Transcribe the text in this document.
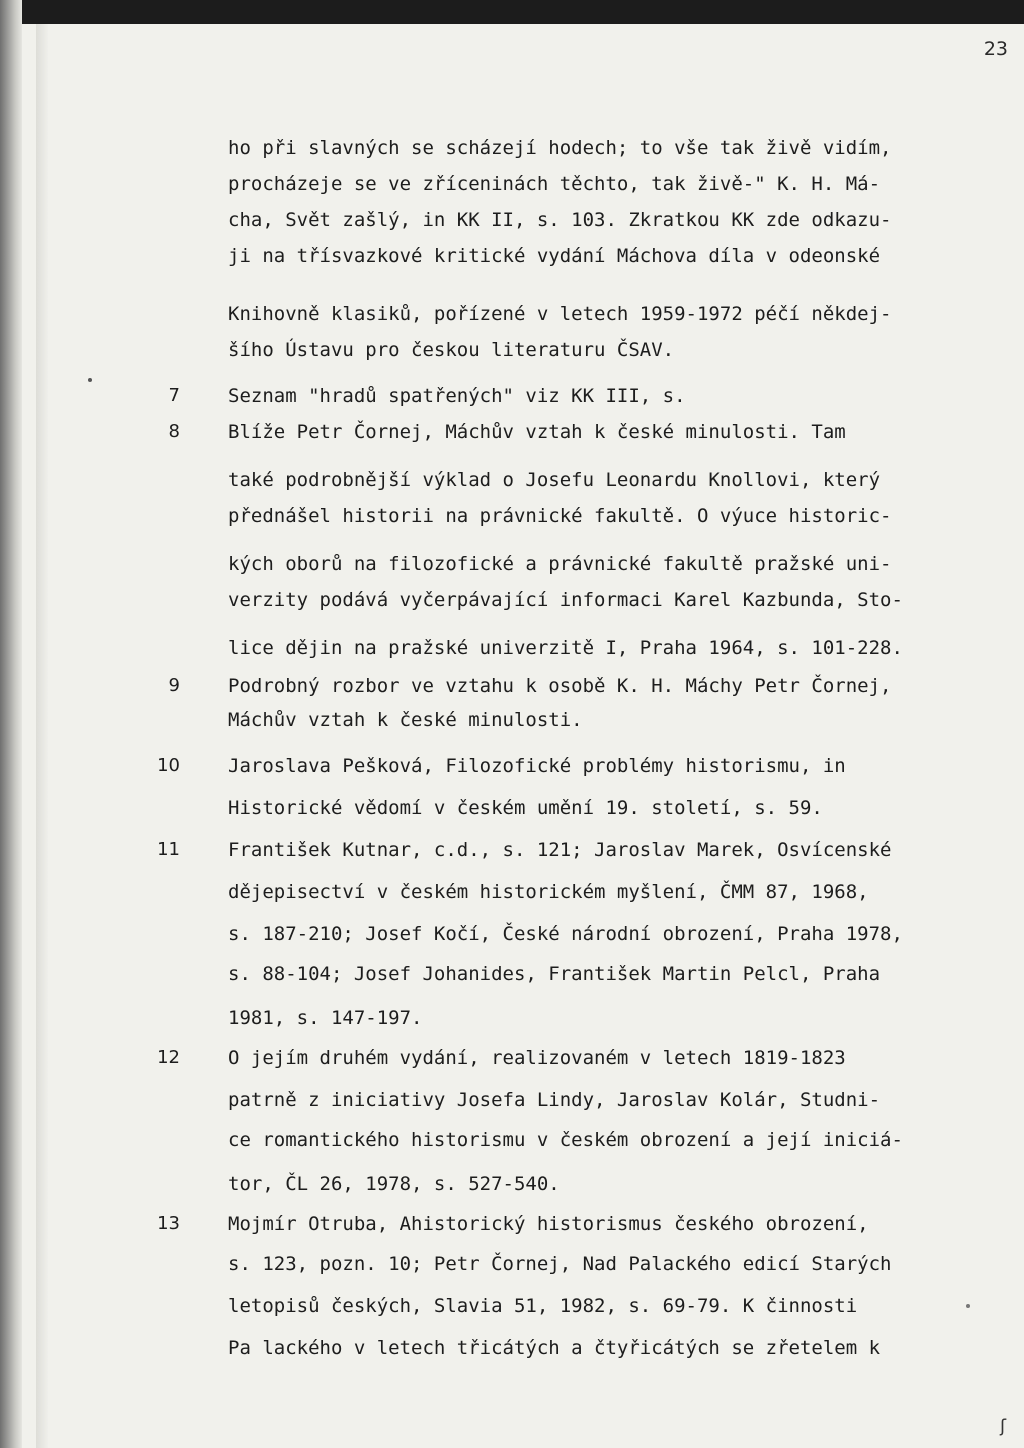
23
ho při slavných se scházejí hodech; to vše tak živě vidím,
procházeje se ve zříceninách těchto, tak živě-" K. H. Má-
cha, Svět zašlý, in KK II, s. 103. Zkratkou KK zde odkazu-
ji na třísvazkové kritické vydání Máchova díla v odeonské
Knihovně klasiků, pořízené v letech 1959-1972 péčí někdej-
šího Ústavu pro českou literaturu ČSAV.
7	Seznam "hradů spatřených" viz KK III, s.
8	Blíže Petr Čornej, Máchův vztah k české minulosti. Tam
také podrobnější výklad o Josefu Leonardu Knollovi, který
přednášel historii na právnické fakultě. O výuce historic-
kých oborů na filozofické a právnické fakultě pražské uni-
verzity podává vyčerpávající informaci Karel Kazbunda, Sto-
lice dějin na pražské univerzitě I, Praha 1964, s. 101-228.
9	Podrobný rozbor ve vztahu k osobě K. H. Máchy Petr Čornej,
Máchův vztah k české minulosti.
10	Jaroslava Pešková, Filozofické problémy historismu, in
Historické vědomí v českém umění 19. století, s. 59.
11	František Kutnar, c.d., s. 121; Jaroslav Marek, Osvícenské
dějepisectví v českém historickém myšlení, ČMM 87, 1968,
s. 187-210; Josef Kočí, České národní obrození, Praha 1978,
s. 88-104; Josef Johanides, František Martin Pelcl, Praha
1981, s. 147-197.
12	O jejím druhém vydání, realizovaném v letech 1819-1823
patrně z iniciativy Josefa Lindy, Jaroslav Kolár, Studni-
ce romantického historismu v českém obrození a její iniciá-
tor, ČL 26, 1978, s. 527-540.
13	Mojmír Otruba, Ahistorický historismus českého obrození,
s. 123, pozn. 10; Petr Čornej, Nad Palackého edicí Starých
letopisů českých, Slavia 51, 1982, s. 69-79. K činnosti
Pa lackého v letech třicátých a čtyřicátých se zřetelem k
ʃ
